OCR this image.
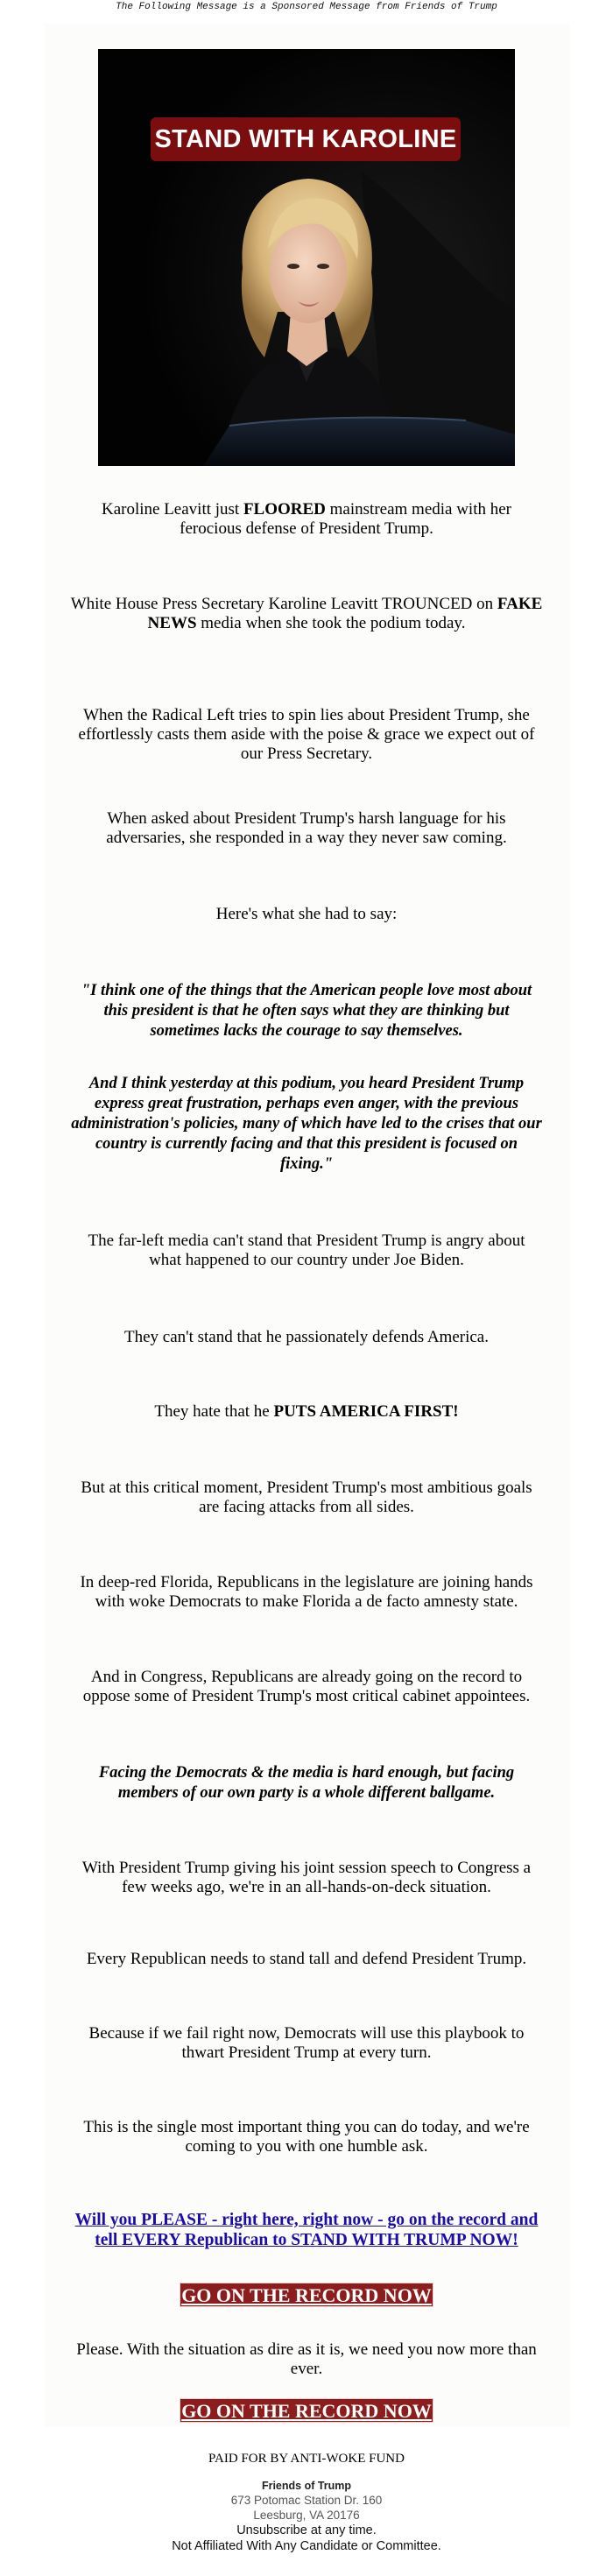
The Following Message is a Sponsored Message from Friends of Trump
STAND WITH KAROLINE
Karoline Leavitt just FLOORED mainstream media with her ferocious defense of President Trump.
White House Press Secretary Karoline Leavitt TROUNCED on FAKE NEWS media when she took the podium today.
When the Radical Left tries to spin lies about President Trump, she effortlessly casts them aside with the poise & grace we expect out of our Press Secretary.
When asked about President Trump's harsh language for his adversaries, she responded in a way they never saw coming.
Here's what she had to say:
"I think one of the things that the American people love most about this president is that he often says what they are thinking but sometimes lacks the courage to say themselves.
And I think yesterday at this podium, you heard President Trump express great frustration, perhaps even anger, with the previous administration's policies, many of which have led to the crises that our country is currently facing and that this president is focused on fixing."
The far-left media can't stand that President Trump is angry about what happened to our country under Joe Biden.
They can't stand that he passionately defends America.
They hate that he PUTS AMERICA FIRST!
But at this critical moment, President Trump's most ambitious goals are facing attacks from all sides.
In deep-red Florida, Republicans in the legislature are joining hands with woke Democrats to make Florida a de facto amnesty state.
And in Congress, Republicans are already going on the record to oppose some of President Trump's most critical cabinet appointees.
Facing the Democrats & the media is hard enough, but facing members of our own party is a whole different ballgame.
With President Trump giving his joint session speech to Congress a few weeks ago, we're in an all-hands-on-deck situation.
Every Republican needs to stand tall and defend President Trump.
Because if we fail right now, Democrats will use this playbook to thwart President Trump at every turn.
This is the single most important thing you can do today, and we're coming to you with one humble ask.
Will you PLEASE - right here, right now - go on the record and tell EVERY Republican to STAND WITH TRUMP NOW!
GO ON THE RECORD NOW
Please. With the situation as dire as it is, we need you now more than ever.
GO ON THE RECORD NOW
PAID FOR BY ANTI-WOKE FUND
Friends of Trump
673 Potomac Station Dr. 160
Leesburg, VA 20176
Unsubscribe at any time.
Not Affiliated With Any Candidate or Committee.
